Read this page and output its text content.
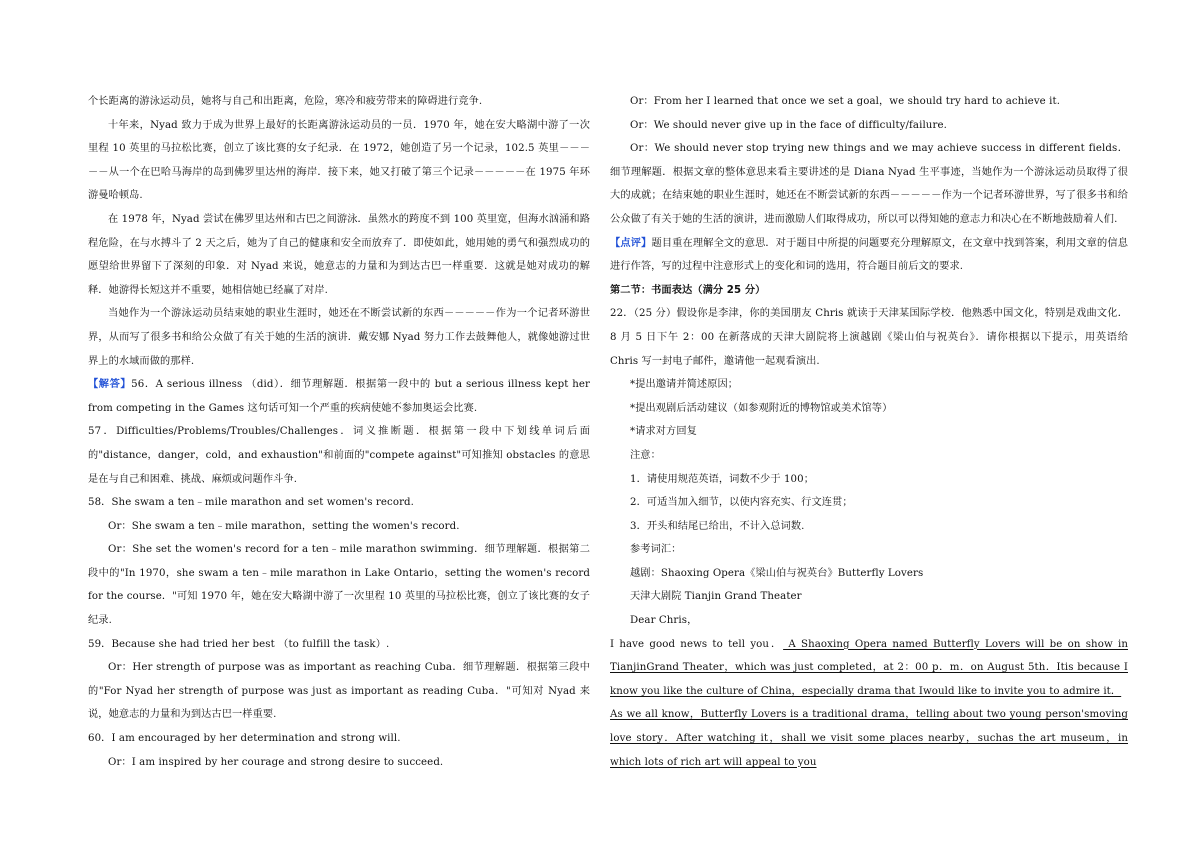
个长距离的游泳运动员，她将与自己和出距离，危险，寒冷和疲劳带来的障碍进行竞争.

十年来，Nyad 致力于成为世界上最好的长距离游泳运动员的一员．1970 年，她在安大略湖中游了一次里程 10 英里的马拉松比赛，创立了该比赛的女子纪录．在 1972，她创造了另一个记录，102.5 英里－－－－－从一个在巴哈马海岸的岛到佛罗里达州的海岸．接下来，她又打破了第三个记录－－－－－在 1975 年环游曼哈顿岛.

在 1978 年，Nyad 尝试在佛罗里达州和古巴之间游泳．虽然水的跨度不到 100 英里宽，但海水汹涌和路程危险，在与水搏斗了 2 天之后，她为了自己的健康和安全而放弃了．即使如此，她用她的勇气和强烈成功的愿望给世界留下了深刻的印象．对 Nyad 来说，她意志的力量和为到达古巴一样重要．这就是她对成功的解释．她游得长短这并不重要，她相信她已经赢了对岸.

当她作为一个游泳运动员结束她的职业生涯时，她还在不断尝试新的东西－－－－－作为一个记者环游世界，从而写了很多书和给公众做了有关于她的生活的演讲．戴安娜 Nyad 努力工作去鼓舞他人，就像她游过世界上的水域而做的那样.

【解答】56．A serious illness （did）．细节理解题．根据第一段中的 but a serious illness kept her from competing in the Games 这句话可知一个严重的疾病使她不参加奥运会比赛.

57．Difficulties/Problems/Troubles/Challenges．词义推断题．根据第一段中下划线单词后面的"distance，danger，cold，and exhaustion"和前面的"compete against"可知推知 obstacles 的意思是在与自己和困难、挑战、麻烦或问题作斗争.

58．She swam a ten﹣mile marathon and set women's record.

Or：She swam a ten﹣mile marathon，setting the women's record.

Or：She set the women's record for a ten﹣mile marathon swimming．细节理解题．根据第二段中的"In 1970，she swam a ten﹣mile marathon in Lake Ontario，setting the women's record for the course．"可知 1970 年，她在安大略湖中游了一次里程 10 英里的马拉松比赛，创立了该比赛的女子纪录.

59．Because she had tried her best （to fulfill the task）.

Or：Her strength of purpose was as important as reaching Cuba．细节理解题．根据第三段中的"For Nyad her strength of purpose was just as important as reading Cuba．"可知对 Nyad 来说，她意志的力量和为到达古巴一样重要.

60．I am encouraged by her determination and strong will.

Or：I am inspired by her courage and strong desire to succeed.

Or：From her I learned that once we set a goal，we should try hard to achieve it.

Or：We should never give up in the face of difficulty/failure.

Or：We should never stop trying new things and we may achieve success in different fields．细节理解题．根据文章的整体意思来看主要讲述的是 Diana Nyad 生平事迹，当她作为一个游泳运动员取得了很大的成就；在结束她的职业生涯时，她还在不断尝试新的东西－－－－－作为一个记者环游世界，写了很多书和给公众做了有关于她的生活的演讲，进而激励人们取得成功，所以可以得知她的意志力和决心在不断地鼓励着人们.

【点评】题目重在理解全文的意思．对于题目中所提的问题要充分理解原文，在文章中找到答案，利用文章的信息进行作答，写的过程中注意形式上的变化和词的选用，符合题目前后文的要求.

第二节：书面表达（满分 25 分）

22．（25 分）假设你是李津，你的美国朋友 Chris 就读于天津某国际学校．他熟悉中国文化，特别是戏曲文化．8 月 5 日下午 2：00 在新落成的天津大剧院将上演越剧《梁山伯与祝英台》．请你根据以下提示，用英语给 Chris 写一封电子邮件，邀请他一起观看演出.

*提出邀请并简述原因；

*提出观剧后活动建议（如参观附近的博物馆或美术馆等）

*请求对方回复

注意：

1．请使用规范英语，词数不少于 100；

2．可适当加入细节，以使内容充实、行文连贯；

3．开头和结尾已给出，不计入总词数.

参考词汇：

越剧：Shaoxing Opera《梁山伯与祝英台》Butterfly Lovers

天津大剧院 Tianjin Grand Theater

Dear Chris，

I have good news to tell you． A Shaoxing Opera named Butterfly Lovers will be on show in TianjinGrand Theater，which was just completed，at 2：00 p．m．on August 5th．Itis because I know you like the culture of China，especially drama that Iwould like to invite you to admire it．

As we all know，Butterfly Lovers is a traditional drama，telling about two young person'smoving love story．After watching it，shall we visit some places nearby，suchas the art museum，in which lots of rich art will appeal to you
